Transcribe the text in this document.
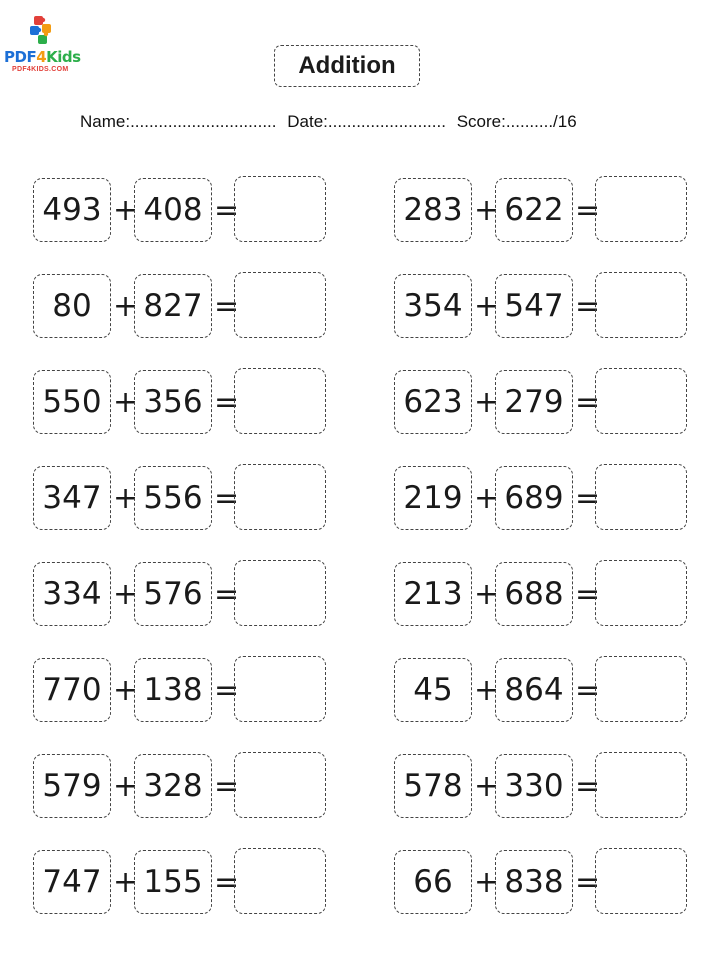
PDF4Kids
PDF4KIDS.COM	Addition
Name:............................... Date:......................... Score:........../16
493 + 408 =
80 + 827 =
550 + 356 =
347 + 556 =
334 + 576 =
770 + 138 =
579 + 328 =
747 + 155 =
283 + 622 =
354 + 547 =
623 + 279 =
219 + 689 =
213 + 688 =
45 + 864 =
578 + 330 =
66 + 838 =
